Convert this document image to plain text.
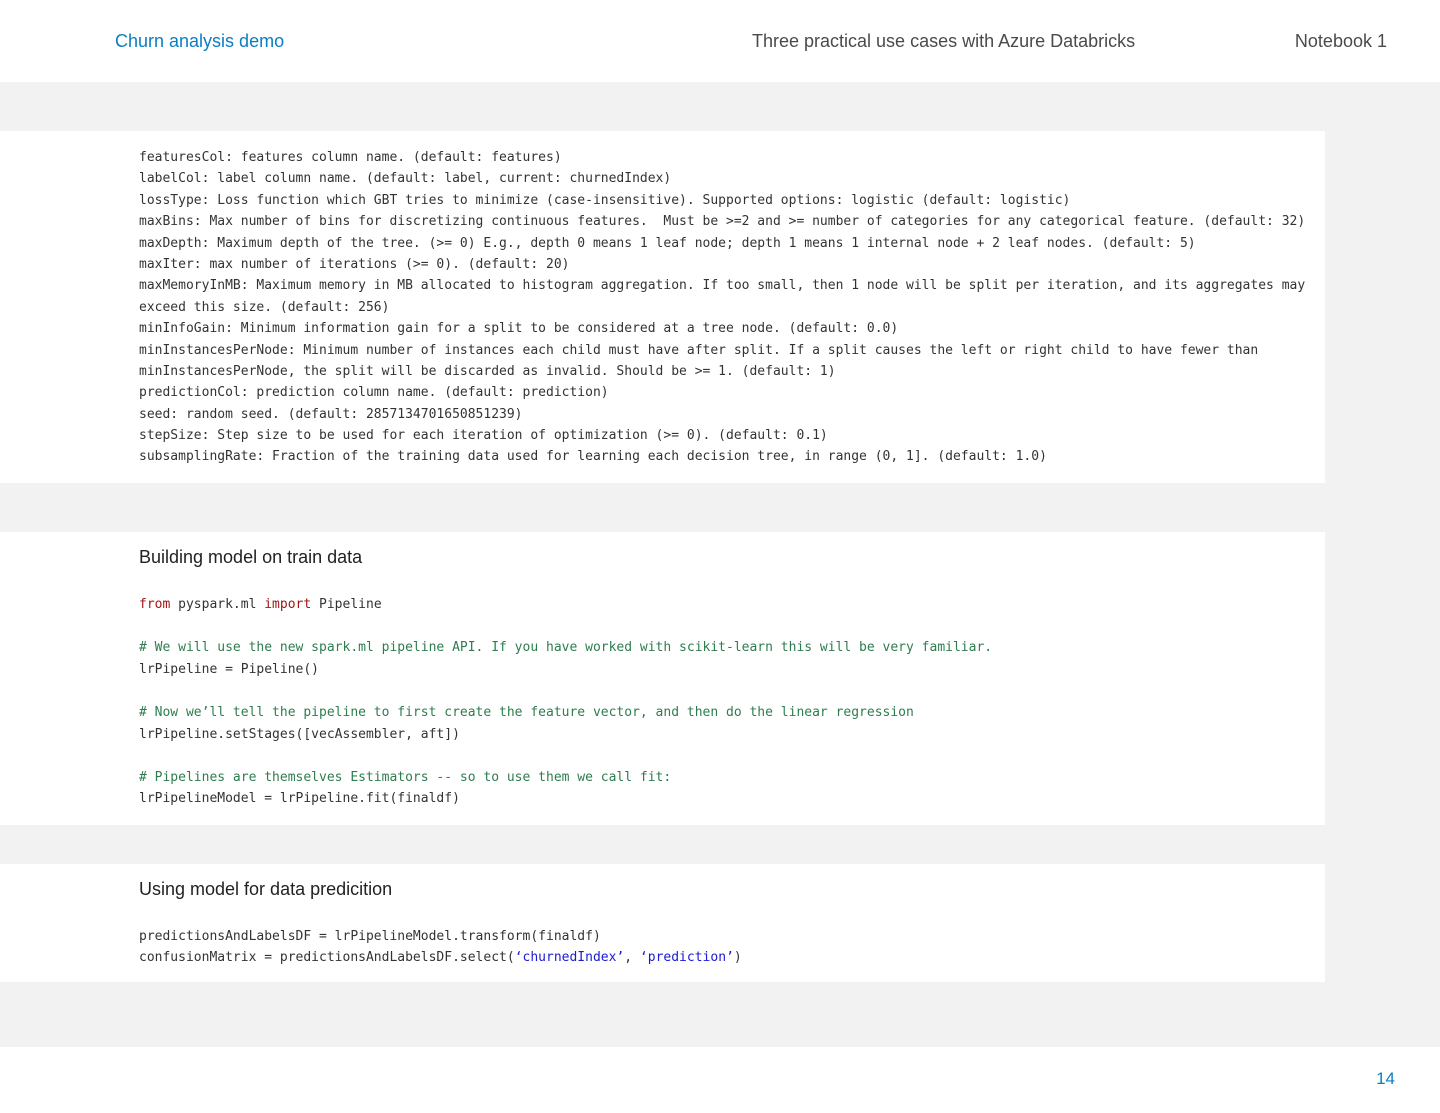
Churn analysis demo	Three practical use cases with Azure Databricks	Notebook 1
featuresCol: features column name. (default: features)
labelCol: label column name. (default: label, current: churnedIndex)
lossType: Loss function which GBT tries to minimize (case-insensitive). Supported options: logistic (default: logistic)
maxBins: Max number of bins for discretizing continuous features.  Must be >=2 and >= number of categories for any categorical feature. (default: 32)
maxDepth: Maximum depth of the tree. (>= 0) E.g., depth 0 means 1 leaf node; depth 1 means 1 internal node + 2 leaf nodes. (default: 5)
maxIter: max number of iterations (>= 0). (default: 20)
maxMemoryInMB: Maximum memory in MB allocated to histogram aggregation. If too small, then 1 node will be split per iteration, and its aggregates may
exceed this size. (default: 256)
minInfoGain: Minimum information gain for a split to be considered at a tree node. (default: 0.0)
minInstancesPerNode: Minimum number of instances each child must have after split. If a split causes the left or right child to have fewer than
minInstancesPerNode, the split will be discarded as invalid. Should be >= 1. (default: 1)
predictionCol: prediction column name. (default: prediction)
seed: random seed. (default: 2857134701650851239)
stepSize: Step size to be used for each iteration of optimization (>= 0). (default: 0.1)
subsamplingRate: Fraction of the training data used for learning each decision tree, in range (0, 1]. (default: 1.0)
Building model on train data
from pyspark.ml import Pipeline
# We will use the new spark.ml pipeline API. If you have worked with scikit-learn this will be very familiar.
lrPipeline = Pipeline()
# Now we’ll tell the pipeline to first create the feature vector, and then do the linear regression
lrPipeline.setStages([vecAssembler, aft])
# Pipelines are themselves Estimators -- so to use them we call fit:
lrPipelineModel = lrPipeline.fit(finaldf)
Using model for data predicition
predictionsAndLabelsDF = lrPipelineModel.transform(finaldf)
confusionMatrix = predictionsAndLabelsDF.select(‘churnedIndex’, ‘prediction’)
14
